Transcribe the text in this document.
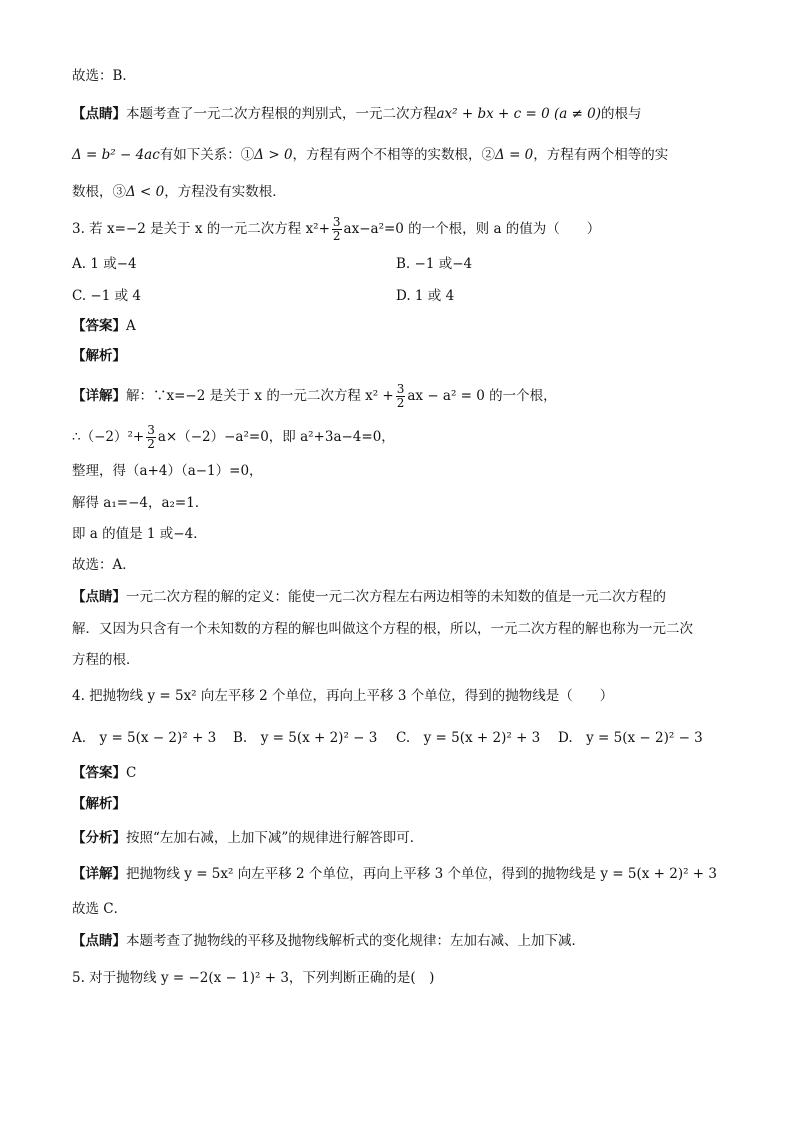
故选：B．
【点睛】本题考查了一元二次方程根的判别式，一元二次方程ax² + bx + c = 0 (a ≠ 0)的根与
Δ = b² − 4ac有如下关系：①Δ > 0，方程有两个不相等的实数根，②Δ = 0，方程有两个相等的实
数根，③Δ < 0，方程没有实数根．
3. 若 x=−2 是关于 x 的一元二次方程 $x^2+ \frac{3}{2} ax-a^2=0$ 的一个根，则 a 的值为（　　）
A. 1 或−4	B. −1 或−4
C. −1 或 4	D. 1 或 4
【答案】A
【解析】
【详解】解：∵x=−2 是关于 x 的一元二次方程 $x^2 + \frac{3}{2}$ ax − a² = 0 的一个根，
∴（−2）²+ $\frac{3}{2} a\times(-2)-a^2=0$，即 a²+3a−4=0，
整理，得（a+4）（a−1）=0，
解得 a₁=−4，a₂=1．
即 a 的值是 1 或−4．
故选：A．
【点睛】一元二次方程的解的定义：能使一元二次方程左右两边相等的未知数的值是一元二次方程的
解．又因为只含有一个未知数的方程的解也叫做这个方程的根，所以，一元二次方程的解也称为一元二次
方程的根．
4. 把抛物线 y = 5x² 向左平移 2 个单位，再向上平移 3 个单位，得到的抛物线是（　　）
A.　y = 5(x − 2)² + 3 B.　y = 5(x + 2)² − 3 C.　y = 5(x + 2)² + 3 D.　y = 5(x − 2)² − 3
【答案】C
【解析】
【分析】按照“左加右减，上加下减”的规律进行解答即可．
【详解】把抛物线 y = 5x² 向左平移 2 个单位，再向上平移 3 个单位，得到的抛物线是 y = 5(x + 2)² + 3
故选 C．
【点睛】本题考查了抛物线的平移及抛物线解析式的变化规律：左加右减、上加下减．
5. 对于抛物线 y = −2(x − 1)² + 3，下列判断正确的是(　)
